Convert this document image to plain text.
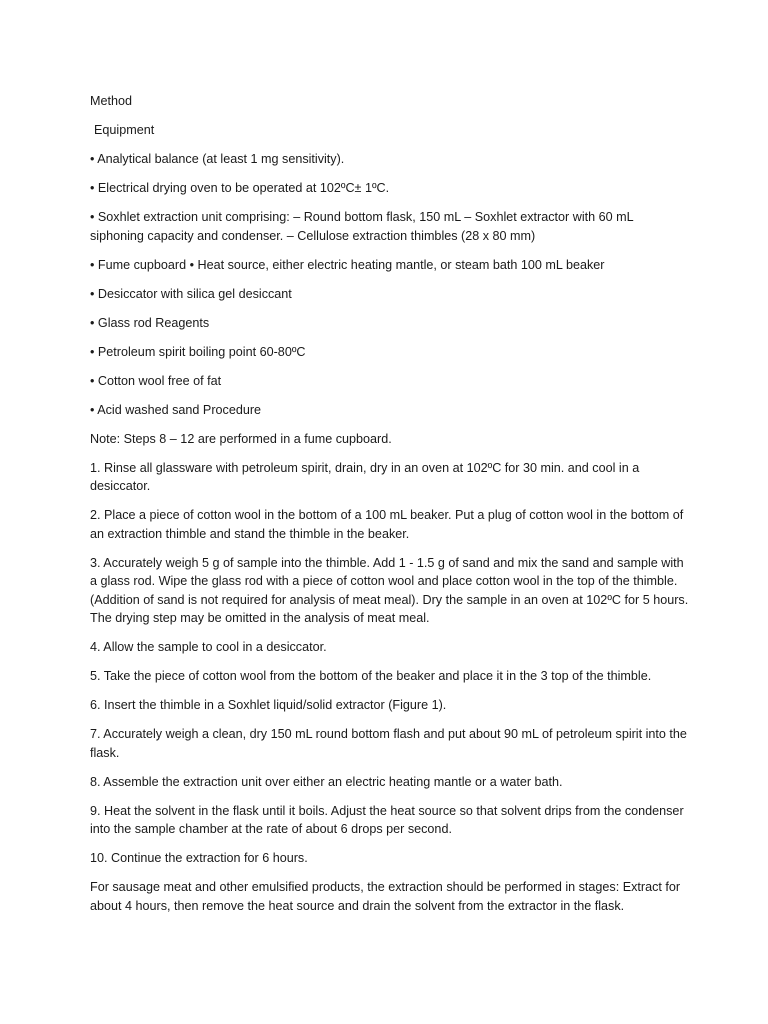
Method

Equipment

• Analytical balance (at least 1 mg sensitivity).

• Electrical drying oven to be operated at 102ºC± 1ºC.

• Soxhlet extraction unit comprising: – Round bottom flask, 150 mL – Soxhlet extractor with 60 mL siphoning capacity and condenser. – Cellulose extraction thimbles (28 x 80 mm)

• Fume cupboard • Heat source, either electric heating mantle, or steam bath 100 mL beaker

• Desiccator with silica gel desiccant

• Glass rod Reagents

• Petroleum spirit boiling point 60-80ºC

• Cotton wool free of fat

• Acid washed sand Procedure

Note: Steps 8 – 12 are performed in a fume cupboard.

1. Rinse all glassware with petroleum spirit, drain, dry in an oven at 102ºC for 30 min. and cool in a desiccator.

2. Place a piece of cotton wool in the bottom of a 100 mL beaker. Put a plug of cotton wool in the bottom of an extraction thimble and stand the thimble in the beaker.

3. Accurately weigh 5 g of sample into the thimble. Add 1 - 1.5 g of sand and mix the sand and sample with a glass rod. Wipe the glass rod with a piece of cotton wool and place cotton wool in the top of the thimble. (Addition of sand is not required for analysis of meat meal). Dry the sample in an oven at 102ºC for 5 hours. The drying step may be omitted in the analysis of meat meal.

4. Allow the sample to cool in a desiccator.

5. Take the piece of cotton wool from the bottom of the beaker and place it in the 3 top of the thimble.

6. Insert the thimble in a Soxhlet liquid/solid extractor (Figure 1).

7. Accurately weigh a clean, dry 150 mL round bottom flash and put about 90 mL of petroleum spirit into the flask.

8. Assemble the extraction unit over either an electric heating mantle or a water bath.

9. Heat the solvent in the flask until it boils. Adjust the heat source so that solvent drips from the condenser into the sample chamber at the rate of about 6 drops per second.

10. Continue the extraction for 6 hours.

For sausage meat and other emulsified products, the extraction should be performed in stages: Extract for about 4 hours, then remove the heat source and drain the solvent from the extractor in the flask.
